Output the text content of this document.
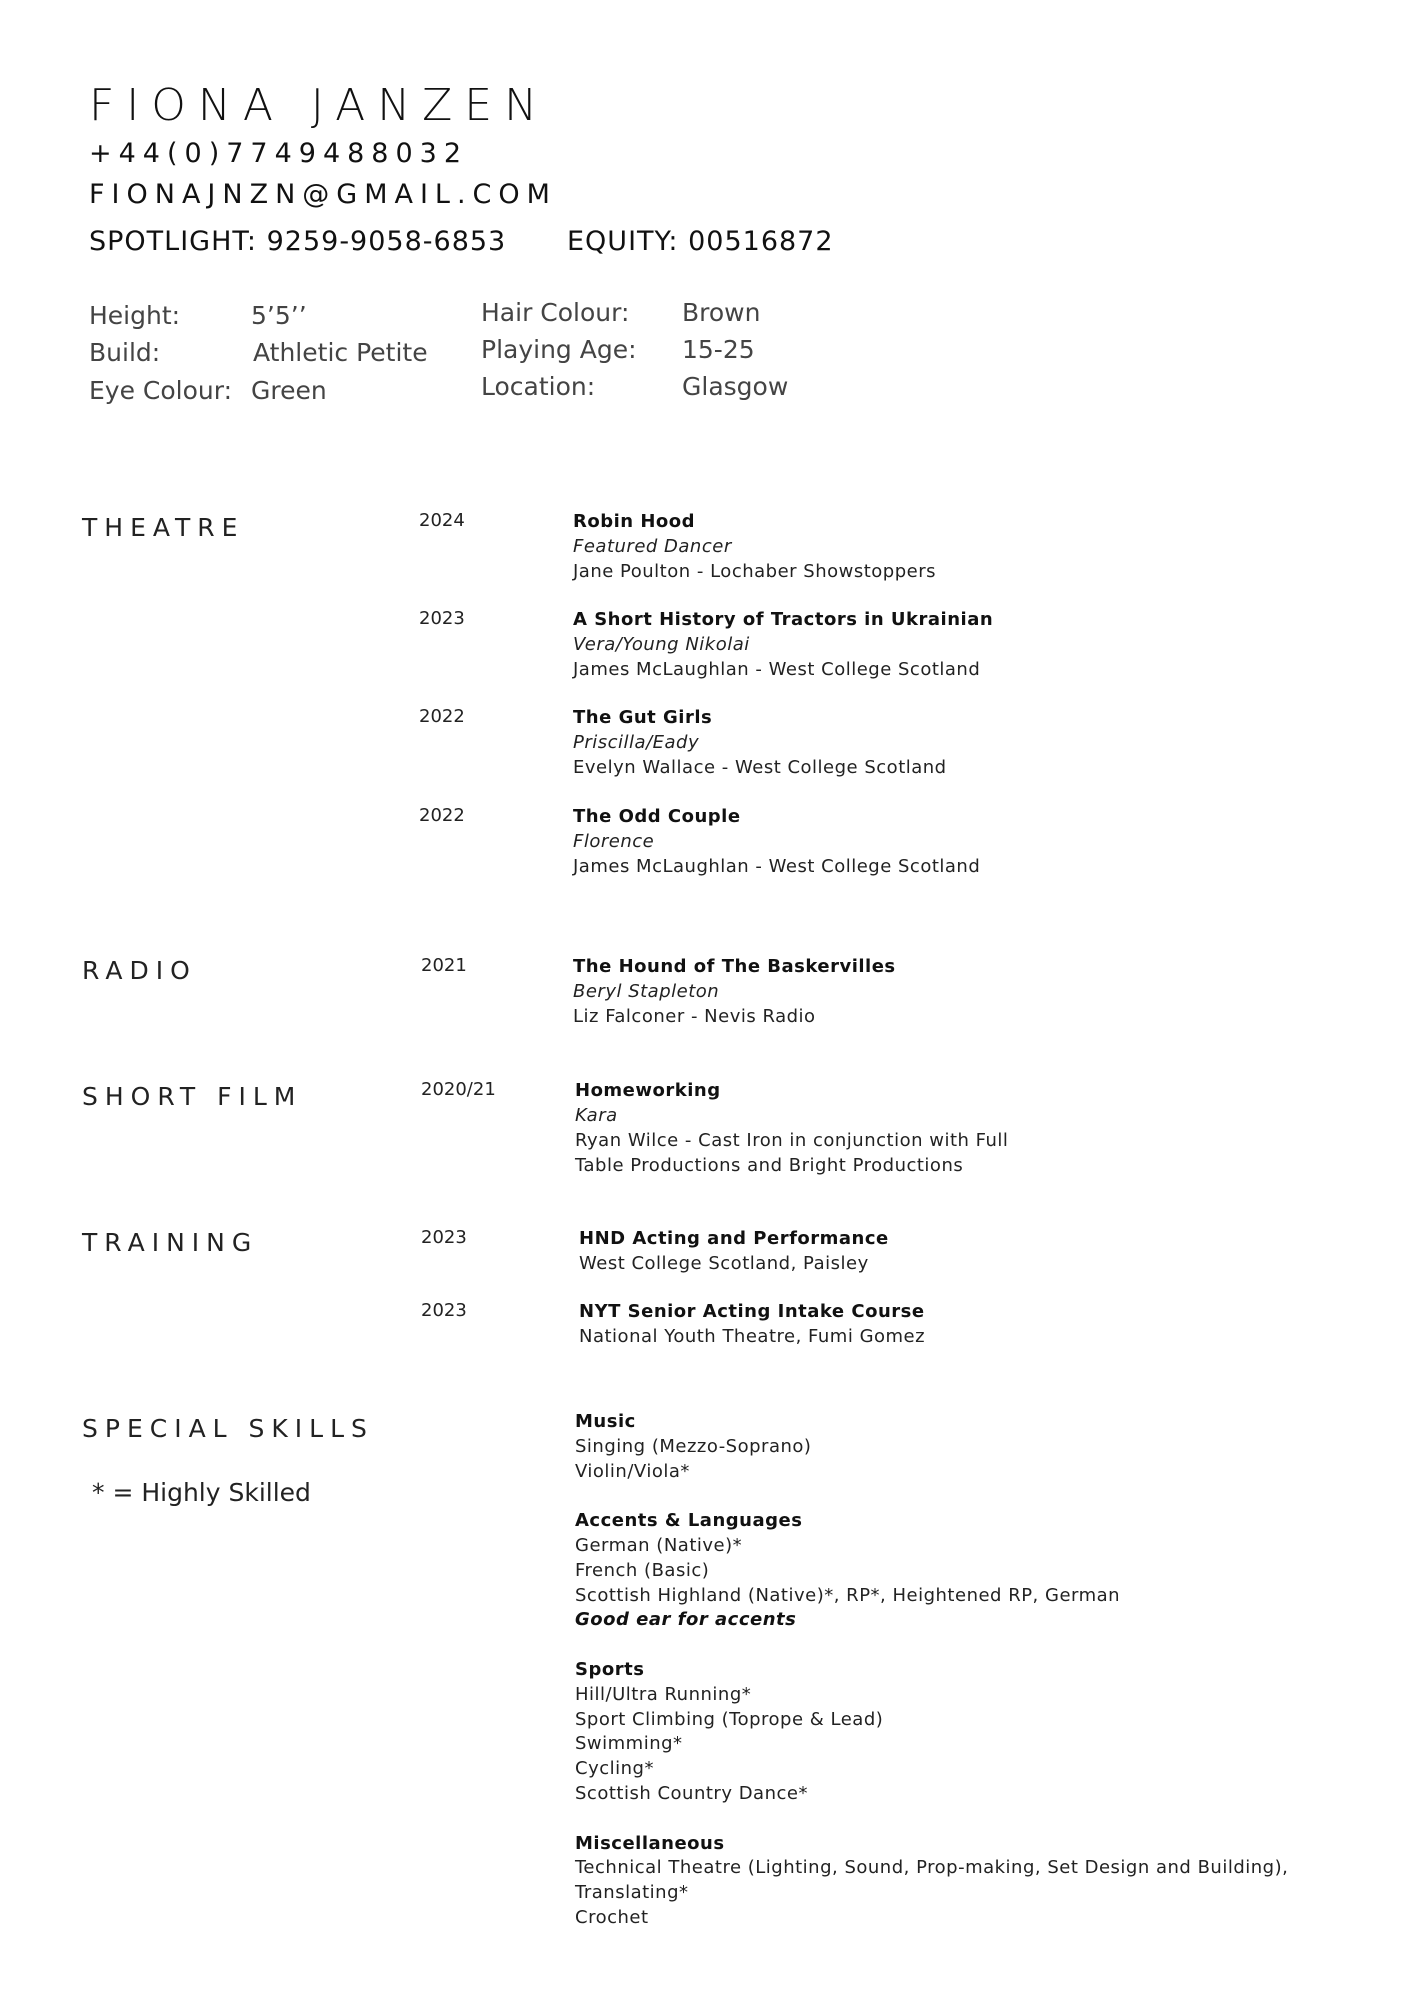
FIONA JANZEN
+44(0)7749488032
FIONAJNZN@GMAIL.COM
SPOTLIGHT: 9259-9058-6853 EQUITY: 00516872
Height:	5’5’’
Build:	Athletic Petite
Eye Colour: Green
Hair Colour: Brown
Playing Age: 15-25
Location:	Glasgow
THEATRE	2024	Robin Hood
Featured Dancer
Jane Poulton - Lochaber Showstoppers
2023	A Short History of Tractors in Ukrainian
Vera/Young Nikolai
James McLaughlan - West College Scotland
2022	The Gut Girls
Priscilla/Eady
Evelyn Wallace - West College Scotland
2022	The Odd Couple
Florence
James McLaughlan - West College Scotland
RADIO	2021	The Hound of The Baskervilles
Beryl Stapleton
Liz Falconer - Nevis Radio
SHORT FILM	2020/21	Homeworking
Kara
Ryan Wilce - Cast Iron in conjunction with Full
Table Productions and Bright Productions
TRAINING	2023	HND Acting and Performance
West College Scotland, Paisley
2023	NYT Senior Acting Intake Course
National Youth Theatre, Fumi Gomez
SPECIAL SKILLS
* = Highly Skilled
Music
Singing (Mezzo-Soprano)
Violin/Viola*
Accents & Languages
German (Native)*
French (Basic)
Scottish Highland (Native)*, RP*, Heightened RP, German
Good ear for accents
Sports
Hill/Ultra Running*
Sport Climbing (Toprope & Lead)
Swimming*
Cycling*
Scottish Country Dance*
Miscellaneous
Technical Theatre (Lighting, Sound, Prop-making, Set Design and Building),
Translating*
Crochet
